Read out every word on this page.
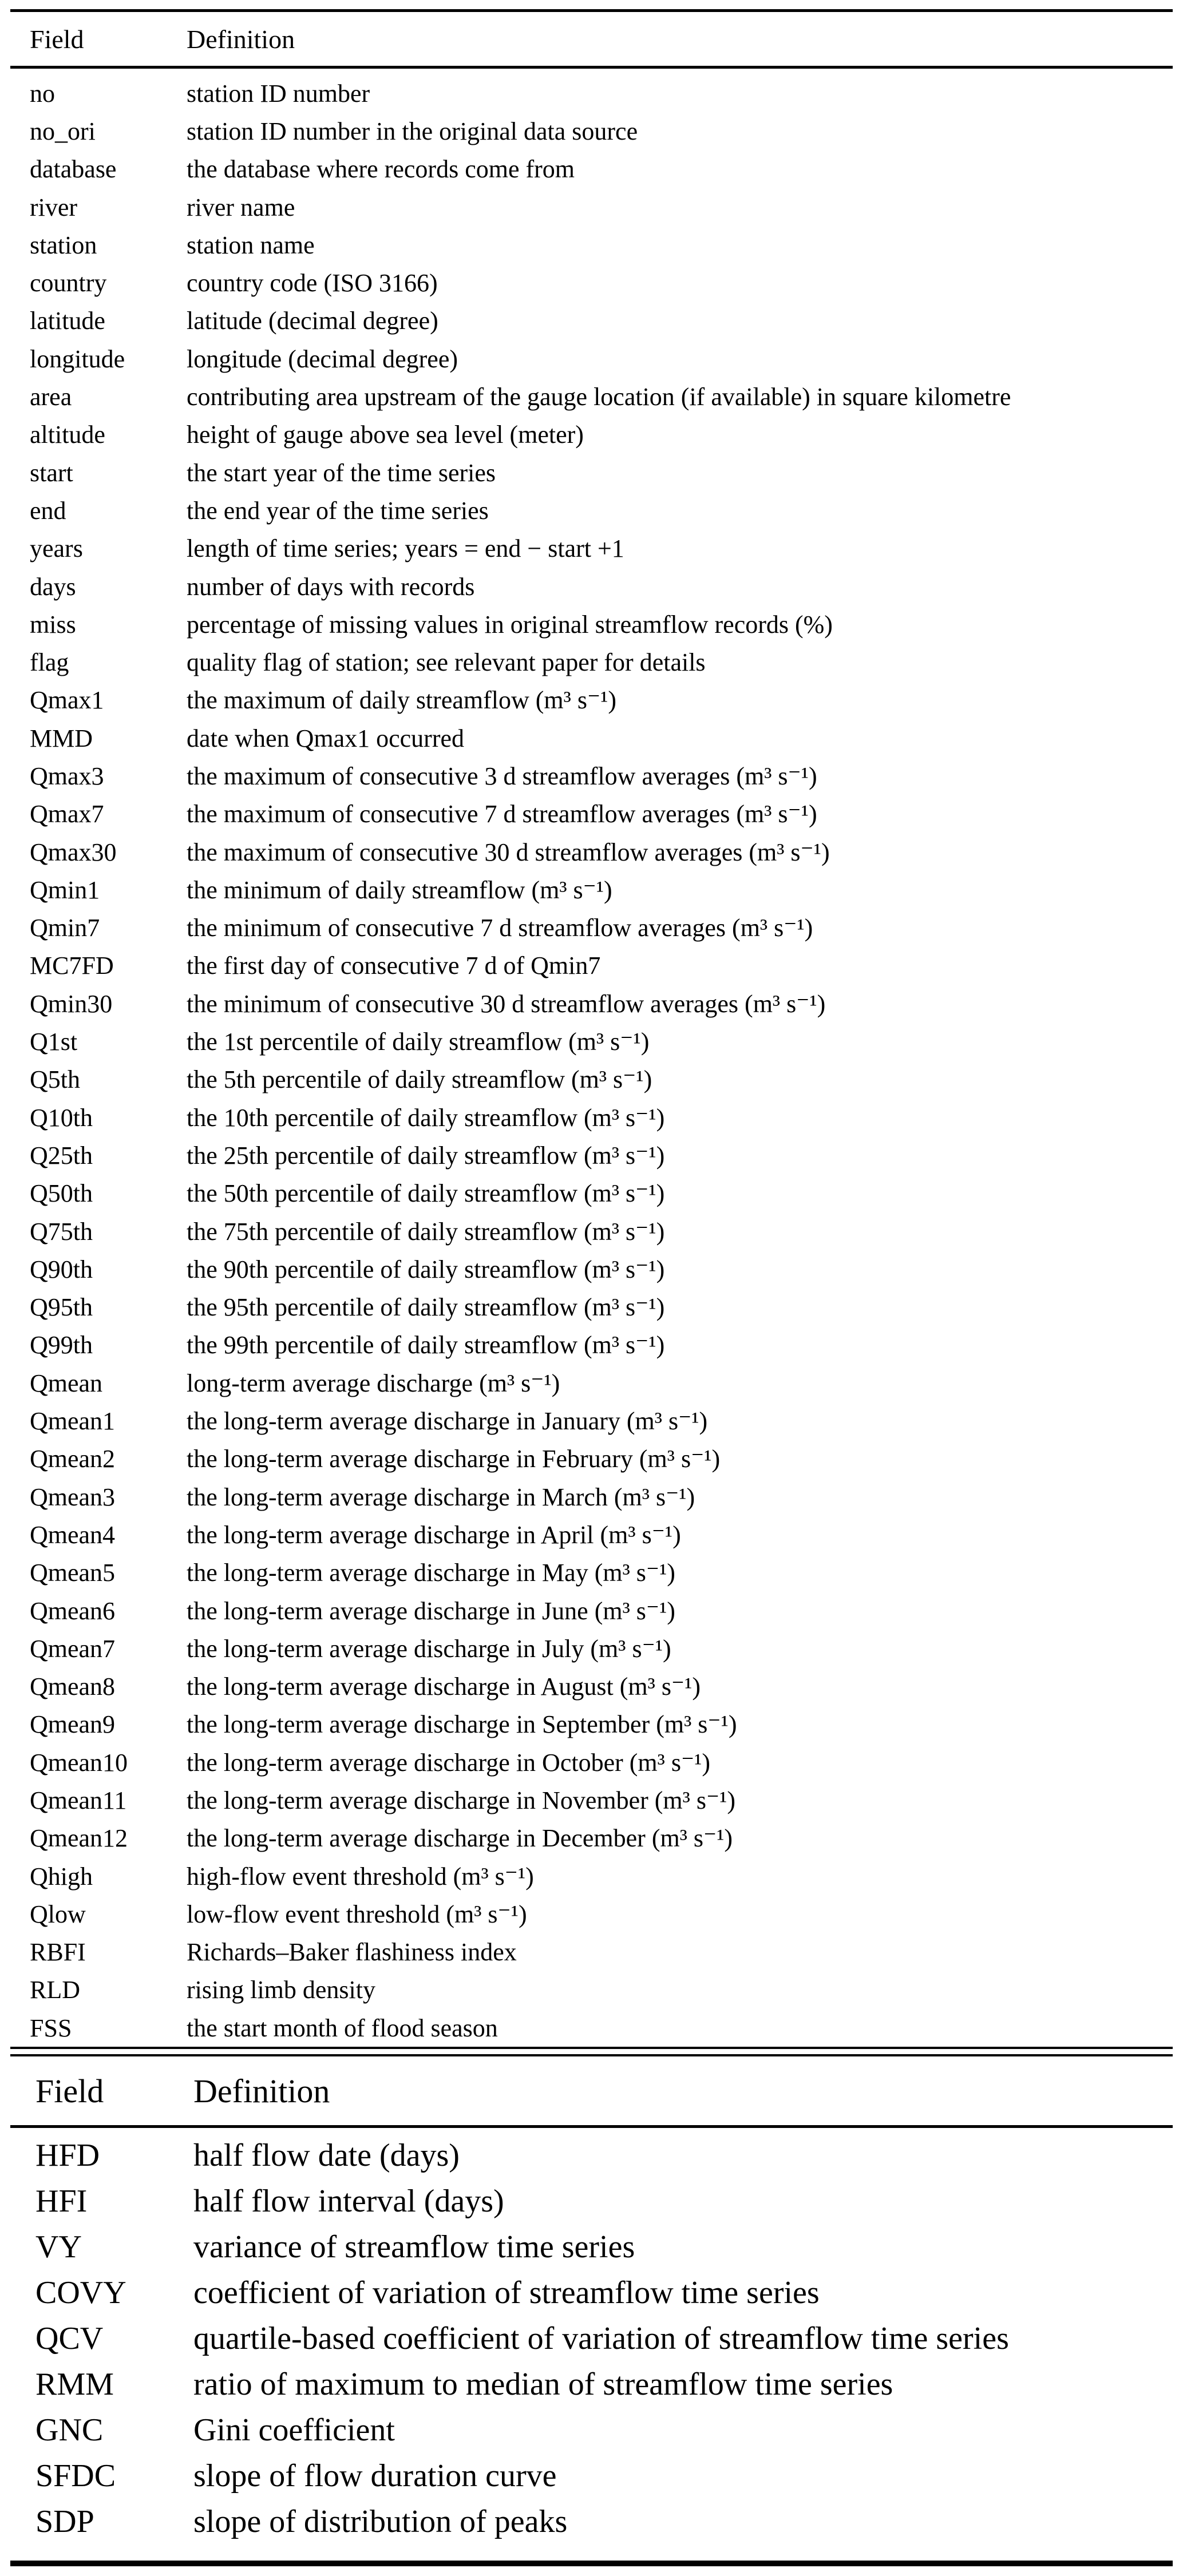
Field	Definition
no	station ID number
no_ori	station ID number in the original data source
database	the database where records come from
river	river name
station	station name
country	country code (ISO 3166)
latitude	latitude (decimal degree)
longitude	longitude (decimal degree)
area	contributing area upstream of the gauge location (if available) in square kilometre
altitude	height of gauge above sea level (meter)
start	the start year of the time series
end	the end year of the time series
years	length of time series; years = end − start +1
days	number of days with records
miss	percentage of missing values in original streamflow records (%)
flag	quality flag of station; see relevant paper for details
Qmax1	the maximum of daily streamflow (m³ s⁻¹)
MMD	date when Qmax1 occurred
Qmax3	the maximum of consecutive 3 d streamflow averages (m³ s⁻¹)
Qmax7	the maximum of consecutive 7 d streamflow averages (m³ s⁻¹)
Qmax30	the maximum of consecutive 30 d streamflow averages (m³ s⁻¹)
Qmin1	the minimum of daily streamflow (m³ s⁻¹)
Qmin7	the minimum of consecutive 7 d streamflow averages (m³ s⁻¹)
MC7FD	the first day of consecutive 7 d of Qmin7
Qmin30	the minimum of consecutive 30 d streamflow averages (m³ s⁻¹)
Q1st	the 1st percentile of daily streamflow (m³ s⁻¹)
Q5th	the 5th percentile of daily streamflow (m³ s⁻¹)
Q10th	the 10th percentile of daily streamflow (m³ s⁻¹)
Q25th	the 25th percentile of daily streamflow (m³ s⁻¹)
Q50th	the 50th percentile of daily streamflow (m³ s⁻¹)
Q75th	the 75th percentile of daily streamflow (m³ s⁻¹)
Q90th	the 90th percentile of daily streamflow (m³ s⁻¹)
Q95th	the 95th percentile of daily streamflow (m³ s⁻¹)
Q99th	the 99th percentile of daily streamflow (m³ s⁻¹)
Qmean	long-term average discharge (m³ s⁻¹)
Qmean1	the long-term average discharge in January (m³ s⁻¹)
Qmean2	the long-term average discharge in February (m³ s⁻¹)
Qmean3	the long-term average discharge in March (m³ s⁻¹)
Qmean4	the long-term average discharge in April (m³ s⁻¹)
Qmean5	the long-term average discharge in May (m³ s⁻¹)
Qmean6	the long-term average discharge in June (m³ s⁻¹)
Qmean7	the long-term average discharge in July (m³ s⁻¹)
Qmean8	the long-term average discharge in August (m³ s⁻¹)
Qmean9	the long-term average discharge in September (m³ s⁻¹)
Qmean10	the long-term average discharge in October (m³ s⁻¹)
Qmean11	the long-term average discharge in November (m³ s⁻¹)
Qmean12	the long-term average discharge in December (m³ s⁻¹)
Qhigh	high-flow event threshold (m³ s⁻¹)
Qlow	low-flow event threshold (m³ s⁻¹)
RBFI	Richards–Baker flashiness index
RLD	rising limb density
FSS	the start month of flood season
Field	Definition
HFD	half flow date (days)
HFI	half flow interval (days)
VY	variance of streamflow time series
COVY	coefficient of variation of streamflow time series
QCV	quartile-based coefficient of variation of streamflow time series
RMM	ratio of maximum to median of streamflow time series
GNC	Gini coefficient
SFDC	slope of flow duration curve
SDP	slope of distribution of peaks
